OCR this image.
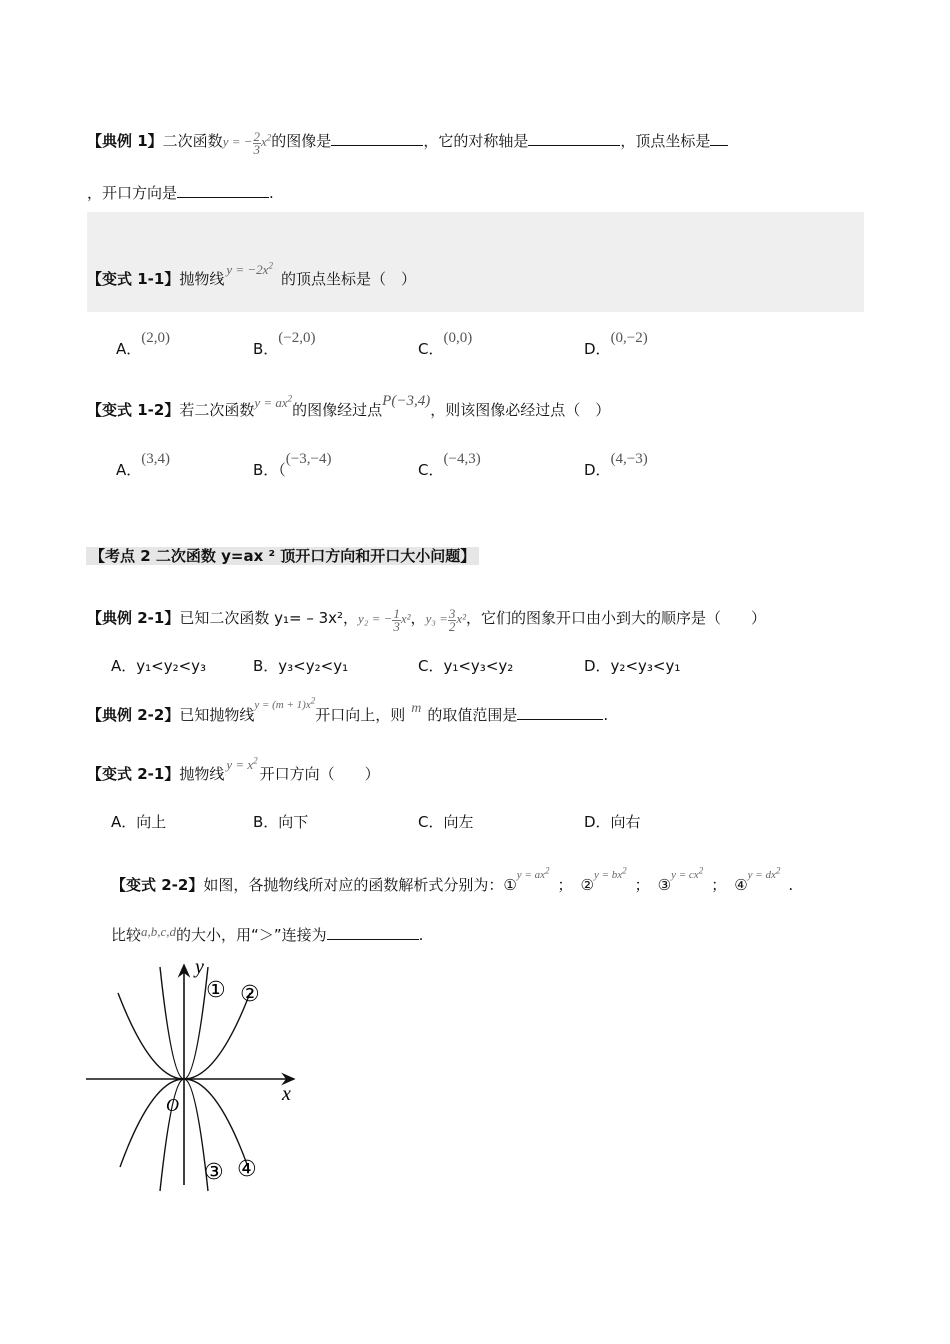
【典例 1】二次函数y = − $\frac{2}{3} x^2$的图像是	，它的对称轴是	，顶点坐标是
，开口方向是	.
【变式 1-1】抛物线$y = -2x^2$的顶点坐标是（　）
A．(2,0)
B．(−2,0)
C．(0,0)
D．(0,−2)
【变式 1-2】若二次函数$y = ax^2$的图像经过点P(−3,4)，则该图像必经过点（　）
A．(3,4)
B．（(−3,−4)
C．(−4,3)
D．(4,−3)
【考点 2 二次函数 y=ax ² 顶开口方向和开口大小问题】
【典例 2-1】已知二次函数 y₁= – 3x²，y₂ = − $\frac{1}{3} x^2$，$y_3 = \frac{3}{2} x^2$，它们的图象开口由小到大的顺序是（　　）
A．y₁<y₂<y₃	B．y₃<y₂<y₁	C．y₁<y₃<y₂	D．y₂<y₃<y₁
【典例 2-2】已知抛物线$^{y = (m + 1)x^2}$开口向上，则 m 的取值范围是	.
【变式 2-1】抛物线$y = x^2$开口方向（　　）
A．向上	B．向下	C．向左	D．向右
【变式 2-2】如图，各抛物线所对应的函数解析式分别为：①$^{y = ax^2}$； ②$^{y = bx^2}$； ③$^{y = cx^2}$； ④$^{y = dx^2}$.
比较a,b,c,d的大小，用“＞”连接为	.
y
x
O
① ②
③ ④
